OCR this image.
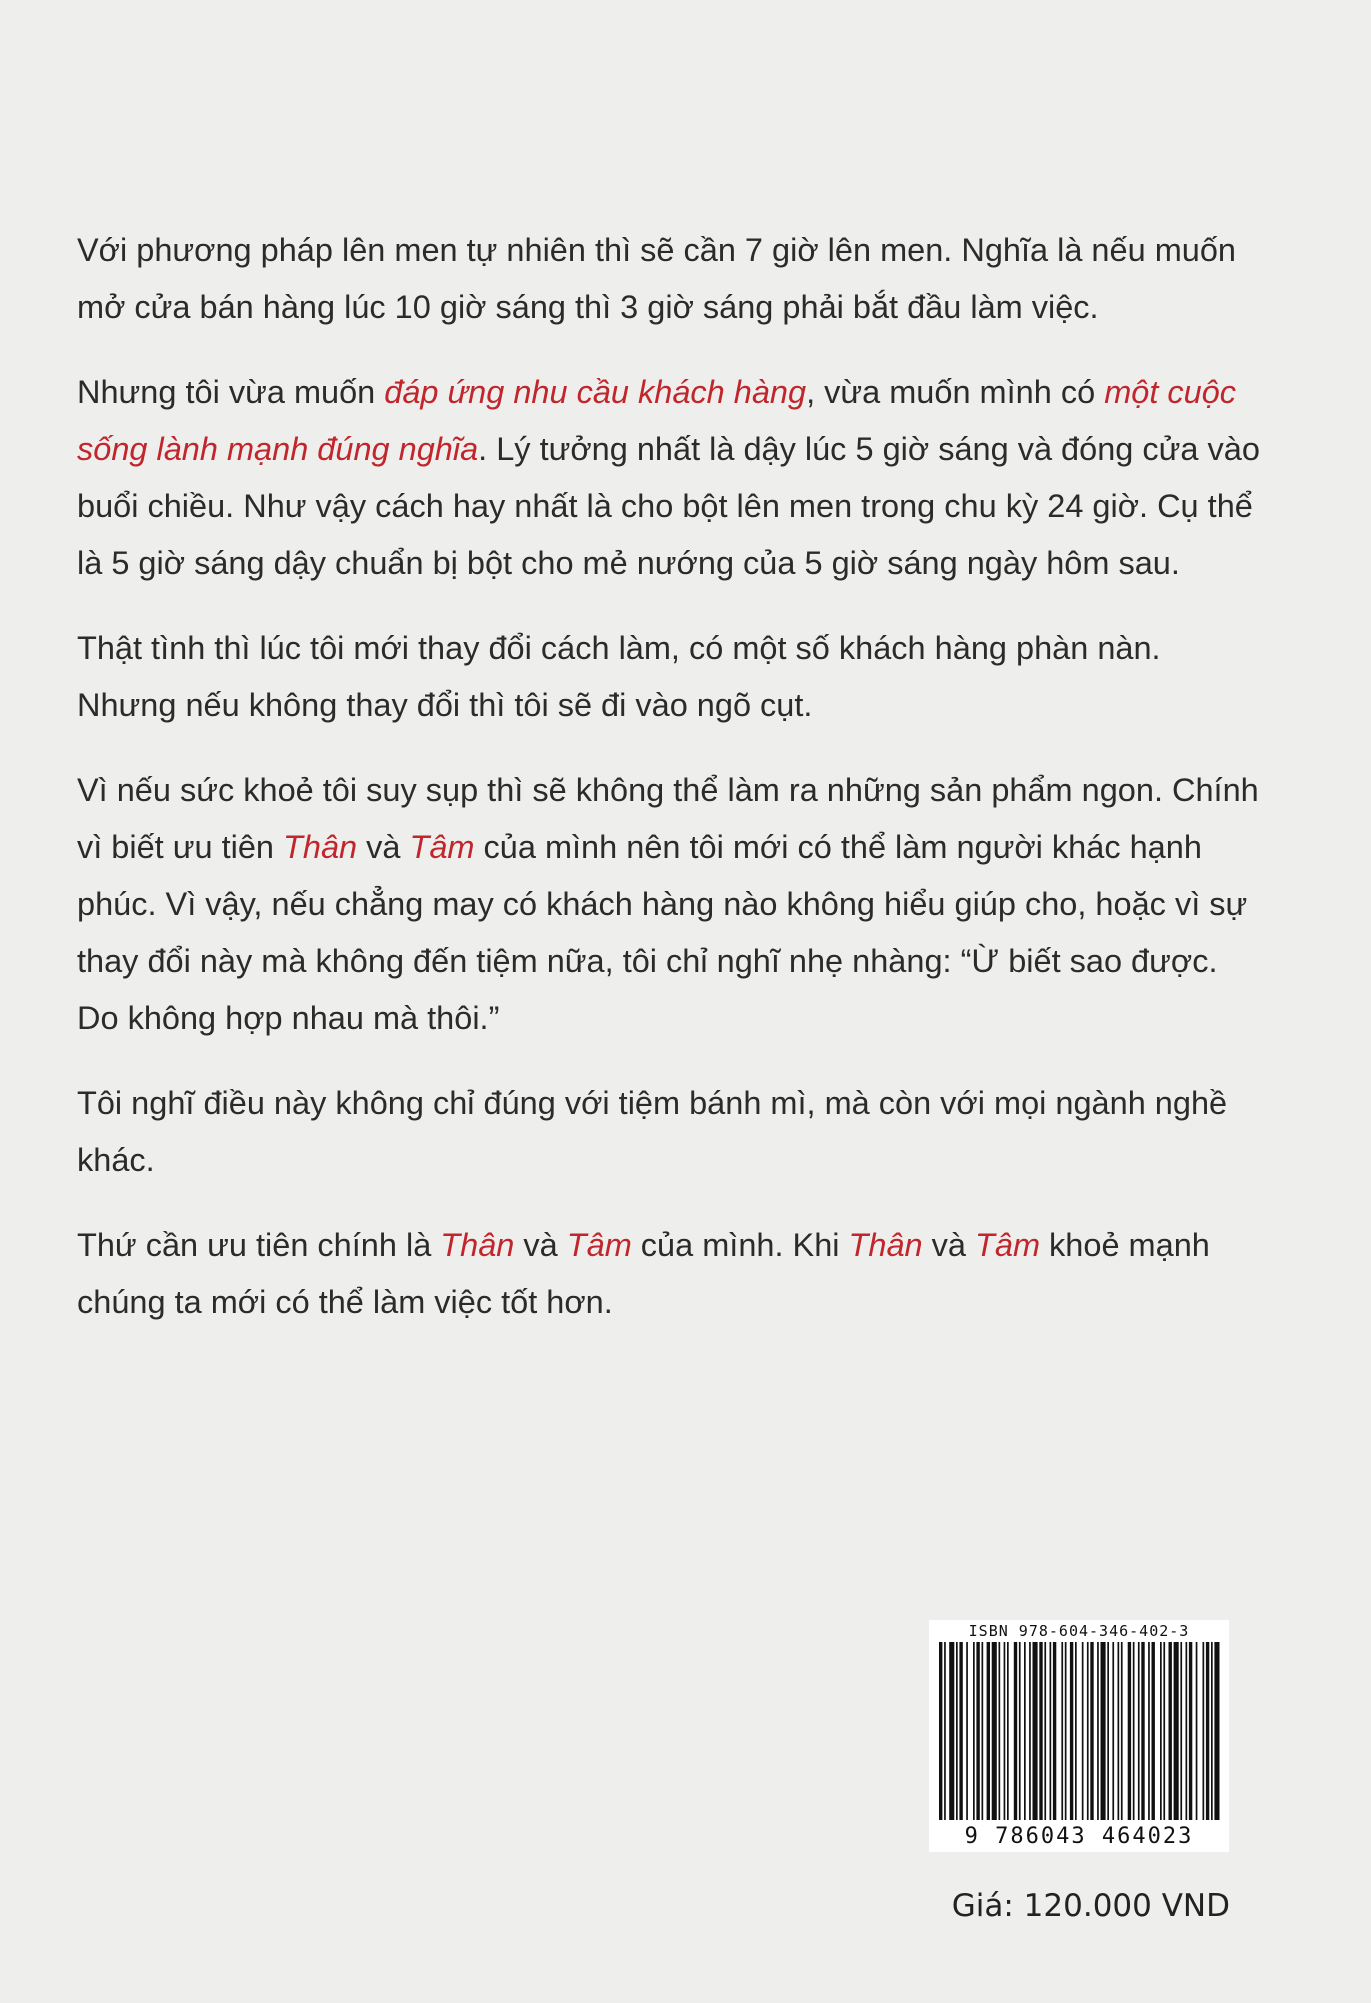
Với phương pháp lên men tự nhiên thì sẽ cần 7 giờ lên men. Nghĩa là nếu muốn mở cửa bán hàng lúc 10 giờ sáng thì 3 giờ sáng phải bắt đầu làm việc.

Nhưng tôi vừa muốn đáp ứng nhu cầu khách hàng, vừa muốn mình có một cuộc sống lành mạnh đúng nghĩa. Lý tưởng nhất là dậy lúc 5 giờ sáng và đóng cửa vào buổi chiều. Như vậy cách hay nhất là cho bột lên men trong chu kỳ 24 giờ. Cụ thể là 5 giờ sáng dậy chuẩn bị bột cho mẻ nướng của 5 giờ sáng ngày hôm sau.

Thật tình thì lúc tôi mới thay đổi cách làm, có một số khách hàng phàn nàn. Nhưng nếu không thay đổi thì tôi sẽ đi vào ngõ cụt.

Vì nếu sức khoẻ tôi suy sụp thì sẽ không thể làm ra những sản phẩm ngon. Chính vì biết ưu tiên Thân và Tâm của mình nên tôi mới có thể làm người khác hạnh phúc. Vì vậy, nếu chẳng may có khách hàng nào không hiểu giúp cho, hoặc vì sự thay đổi này mà không đến tiệm nữa, tôi chỉ nghĩ nhẹ nhàng: “Ừ biết sao được. Do không hợp nhau mà thôi.”

Tôi nghĩ điều này không chỉ đúng với tiệm bánh mì, mà còn với mọi ngành nghề khác.

Thứ cần ưu tiên chính là Thân và Tâm của mình. Khi Thân và Tâm khoẻ mạnh chúng ta mới có thể làm việc tốt hơn.

ISBN 978-604-346-402-3
9 786043 464023
Giá: 120.000 VND
